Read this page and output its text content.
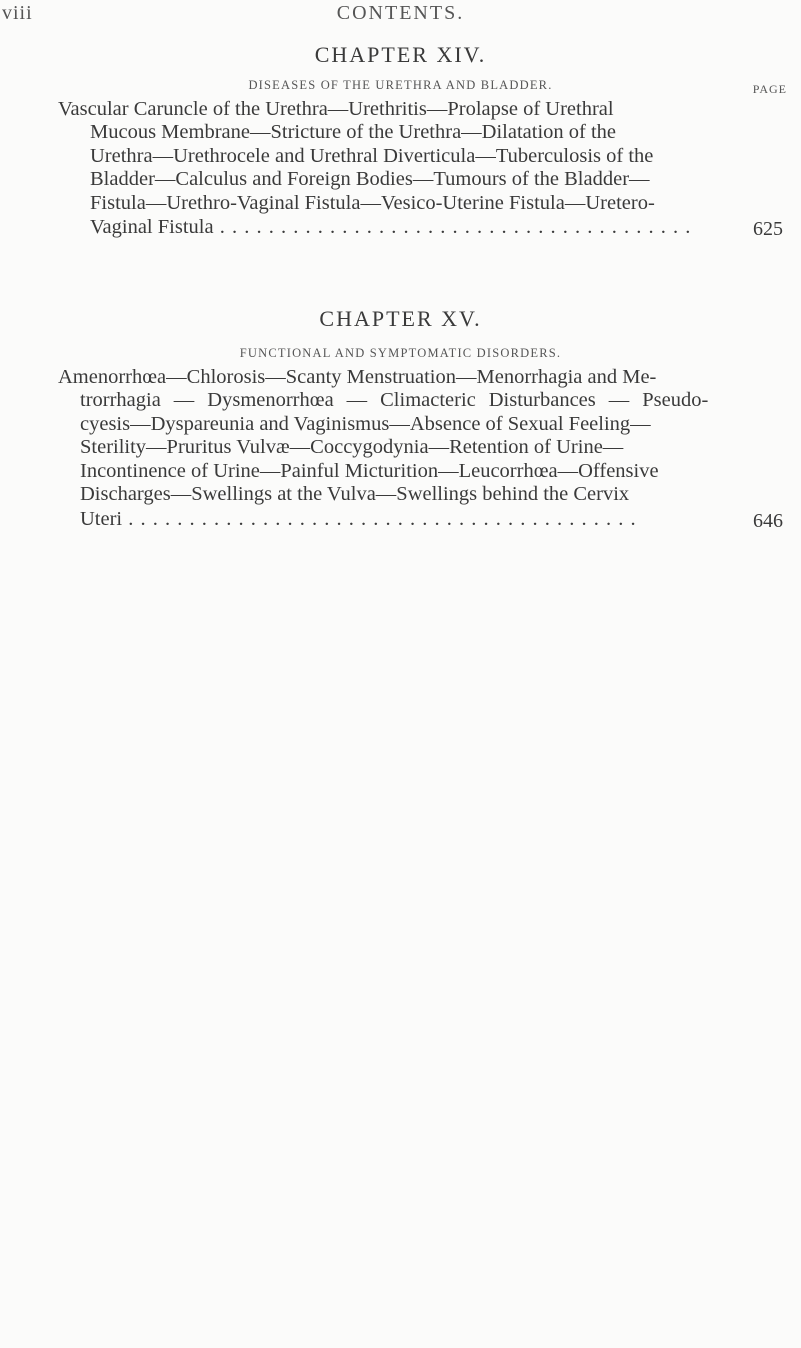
viii	CONTENTS.
CHAPTER XIV.
DISEASES OF THE URETHRA AND BLADDER.	PAGE
Vascular Caruncle of the Urethra—Urethritis—Prolapse of Urethral
Mucous Membrane—Stricture of the Urethra—Dilatation of the
Urethra—Urethrocele and Urethral Diverticula—Tuberculosis of the
Bladder—Calculus and Foreign Bodies—Tumours of the Bladder—
Fistula—Urethro-Vaginal Fistula—Vesico-Uterine Fistula—Uretero-
Vaginal Fistula . . .	625
CHAPTER XV.
FUNCTIONAL AND SYMPTOMATIC DISORDERS.
Amenorrhœa—Chlorosis—Scanty Menstruation—Menorrhagia and Me-
trorrhagia — Dysmenorrhœa — Climacteric Disturbances — Pseudo-
cyesis—Dyspareunia and Vaginismus—Absence of Sexual Feeling—
Sterility—Pruritus Vulvæ—Coccygodynia—Retention of Urine—
Incontinence of Urine—Painful Micturition—Leucorrhœa—Offensive
Discharges—Swellings at the Vulva—Swellings behind the Cervix
Uteri . . .	646
